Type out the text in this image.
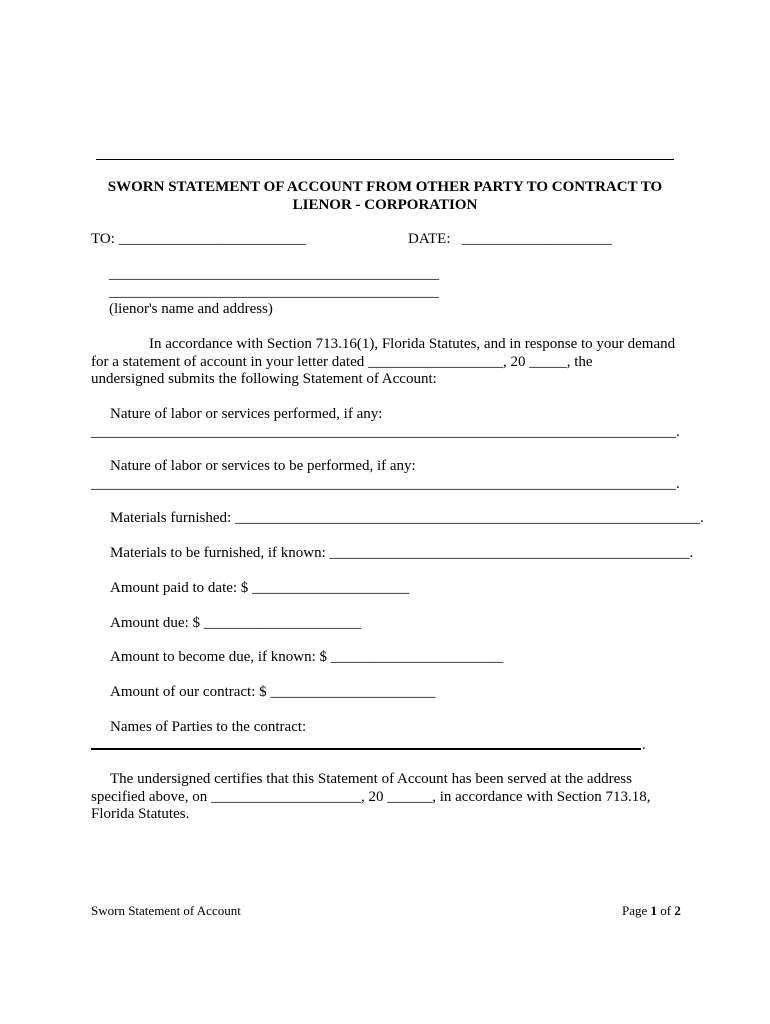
SWORN STATEMENT OF ACCOUNT FROM OTHER PARTY TO CONTRACT TO
LIENOR - CORPORATION
TO: _________________________	DATE:   ____________________
____________________________________________
____________________________________________
(lienor's name and address)
In accordance with Section 713.16(1), Florida Statutes, and in response to your demand
for a statement of account in your letter dated __________________, 20 _____, the
undersigned submits the following Statement of Account:
Nature of labor or services performed, if any:
______________________________________________________________________________.
Nature of labor or services to be performed, if any:
______________________________________________________________________________.
Materials furnished: ______________________________________________________________.
Materials to be furnished, if known: ________________________________________________.
Amount paid to date: $ _____________________
Amount due: $ _____________________
Amount to become due, if known: $ _______________________
Amount of our contract: $ ______________________
Names of Parties to the contract:
.
The undersigned certifies that this Statement of Account has been served at the address
specified above, on ____________________, 20 ______, in accordance with Section 713.18,
Florida Statutes.
Sworn Statement of Account	Page 1 of 2
